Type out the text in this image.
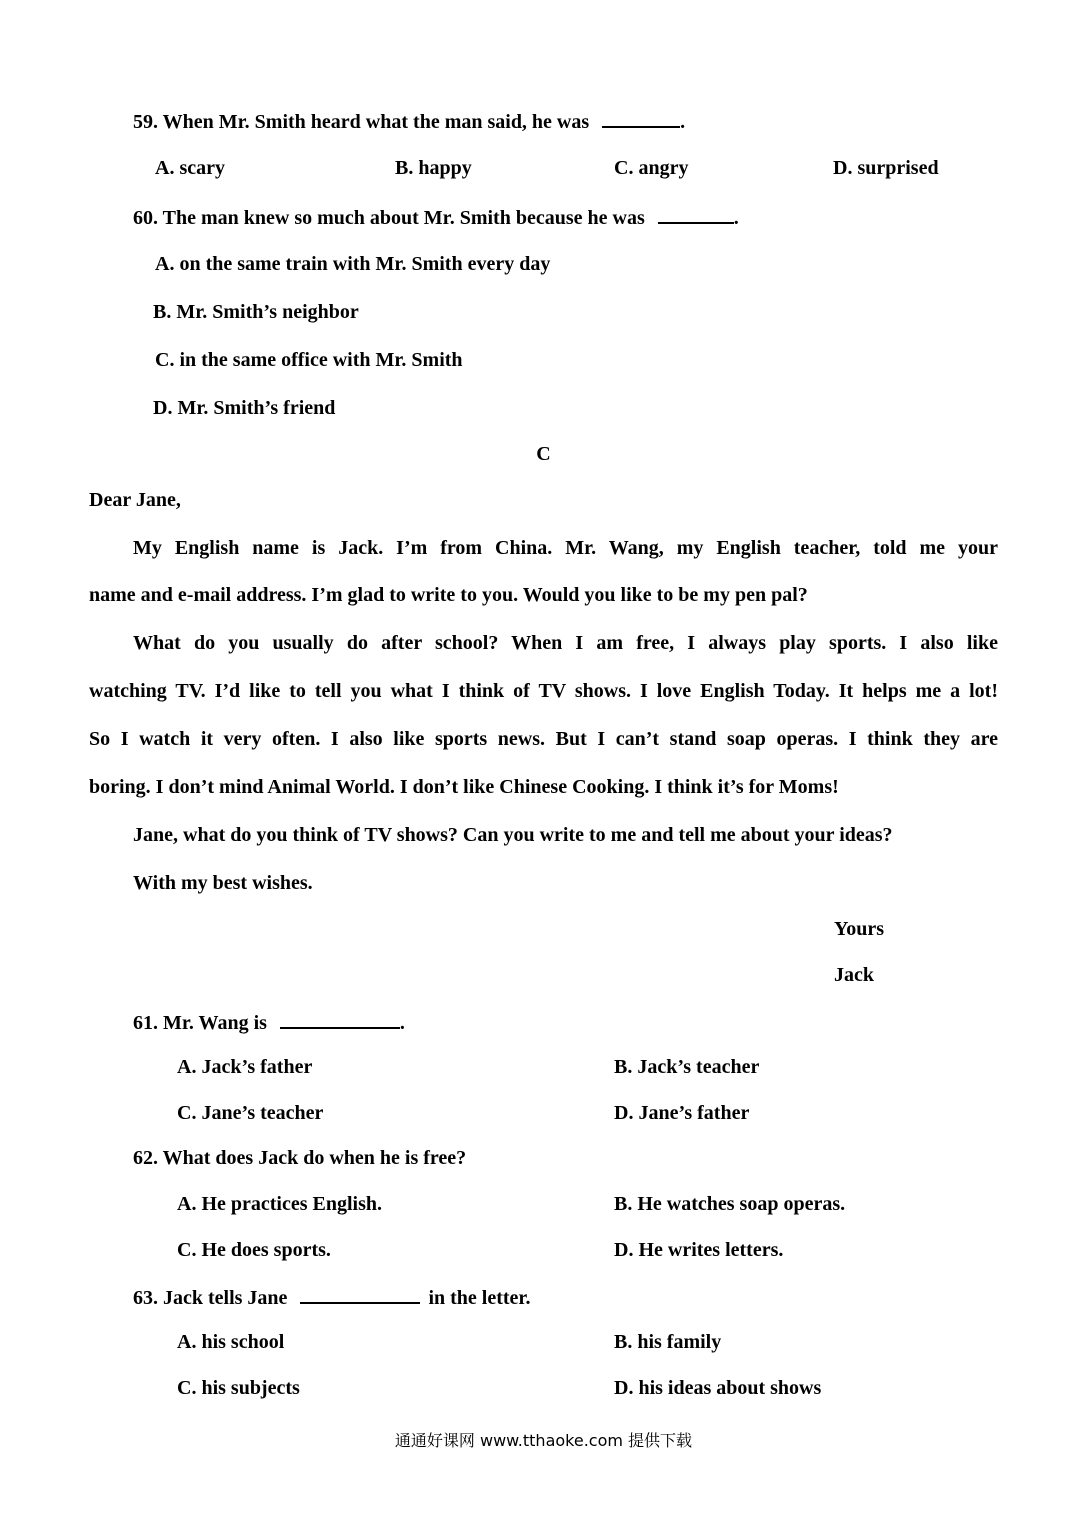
59. When Mr. Smith heard what the man said, he was	.
A. scary	B. happy	C. angry	D. surprised
60. The man knew so much about Mr. Smith because he was	.
A. on the same train with Mr. Smith every day
B. Mr. Smith’s neighbor
C. in the same office with Mr. Smith
D. Mr. Smith’s friend
C
Dear Jane,
My English name is Jack. I’m from China. Mr. Wang, my English teacher, told me your
name and e-mail address. I’m glad to write to you. Would you like to be my pen pal?
What do you usually do after school? When I am free, I always play sports. I also like
watching TV. I’d like to tell you what I think of TV shows. I love English Today. It helps me a lot!
So I watch it very often. I also like sports news. But I can’t stand soap operas. I think they are
boring. I don’t mind Animal World. I don’t like Chinese Cooking. I think it’s for Moms!
Jane, what do you think of TV shows? Can you write to me and tell me about your ideas?
With my best wishes.
Yours
Jack
61. Mr. Wang is	.
A. Jack’s father	B. Jack’s teacher
C. Jane’s teacher	D. Jane’s father
62. What does Jack do when he is free?
A. He practices English.	B. He watches soap operas.
C. He does sports.	D. He writes letters.
63. Jack tells Jane	in the letter.
A. his school	B. his family
C. his subjects	D. his ideas about shows
通通好课网 www.tthaoke.com 提供下载
